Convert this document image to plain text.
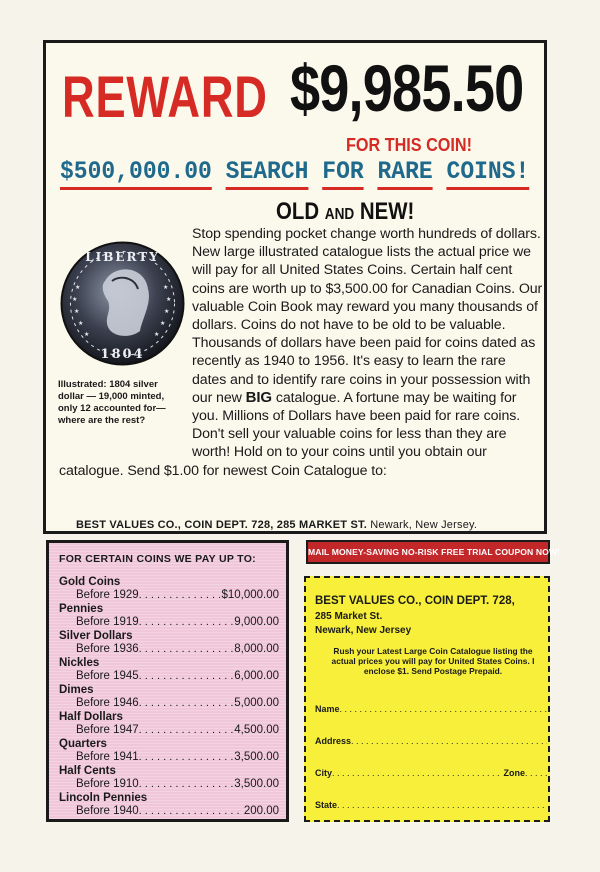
REWARD $9,985.50
FOR THIS COIN!
$500,000.00 SEARCH FOR RARE COINS!
OLD AND NEW!
Stop spending pocket change worth hundreds of dollars. New large illustrated catalogue lists the actual price we will pay for all United States Coins. Certain half cent coins are worth up to $3,500.00 for Canadian Coins. Our valuable Coin Book may reward you many thousands of dollars. Coins do not have to be old to be valuable. Thousands of dollars have been paid for coins dated as recently as 1940 to 1956. It's easy to learn the rare dates and to identify rare coins in your possession with our new BIG catalogue. A fortune may be waiting for you. Millions of Dollars have been paid for rare coins. Don't sell your valuable coins for less than they are worth! Hold on to your coins until you obtain our catalogue. Send $1.00 for newest Coin Catalogue to:
★
★
★
★
★
★
★
★
★	★
LIBERTY
1804
Illustrated: 1804 silver
dollar — 19,000 minted,
only 12 accounted for—
where are the rest?
BEST VALUES CO., COIN DEPT. 728, 285 MARKET ST. Newark, New Jersey.
FOR CERTAIN COINS WE PAY UP TO:
Gold Coins
Before 1929 . . .	$10,000.00
Pennies
Before 1919 . . .	9,000.00
Silver Dollars
Before 1936 . . .	8,000.00
Nickles
Before 1945 . . .	6,000.00
Dimes
Before 1946 . . .	5,000.00
Half Dollars
Before 1947 . . .	4,500.00
Quarters
Before 1941 . . .	3,500.00
Half Cents
Before 1910 . . .	3,500.00
Lincoln Pennies
Before 1940 . . .	200.00
MAIL MONEY-SAVING NO-RISK FREE TRIAL COUPON NOW!
BEST VALUES CO., COIN DEPT. 728,
285 Market St.
Newark, New Jersey
Rush your Latest Large Coin Catalogue listing the actual prices you will pay for United States Coins. I enclose $1. Send Postage Prepaid.
Name
. . .
Address
. . .
City . . .	Zone
. . .
State
. . .
